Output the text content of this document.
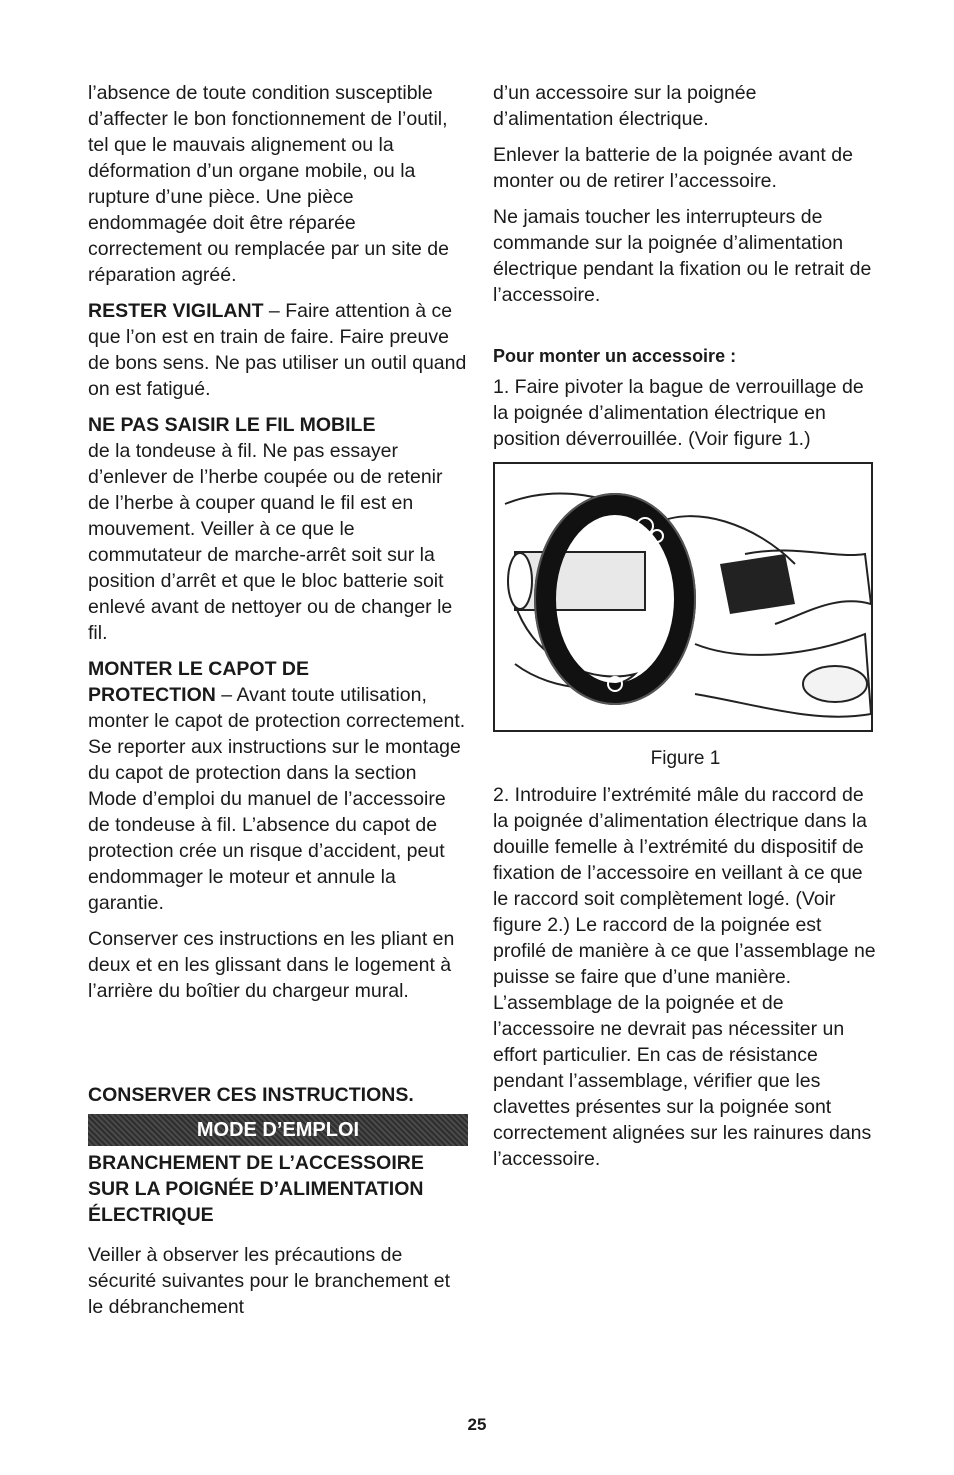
l’absence de toute condition susceptible d’affecter le bon fonctionnement de l’outil, tel que le mauvais alignement ou la déformation d’un organe mobile, ou la rupture d’une pièce. Une pièce endommagée doit être réparée correctement ou remplacée par un site de réparation agréé.

RESTER VIGILANT – Faire attention à ce que l’on est en train de faire. Faire preuve de bons sens. Ne pas utiliser un outil quand on est fatigué.

NE PAS SAISIR LE FIL MOBILE

de la tondeuse à fil. Ne pas essayer d’enlever de l’herbe coupée ou de retenir de l’herbe à couper quand le fil est en mouvement. Veiller à ce que le commutateur de marche-arrêt soit sur la position d’arrêt et que le bloc batterie soit enlevé avant de nettoyer ou de changer le fil.

MONTER LE CAPOT DE

PROTECTION – Avant toute utilisation, monter le capot de protection correctement. Se reporter aux instructions sur le montage du capot de protection dans la section Mode d’emploi du manuel de l’accessoire de tondeuse à fil. L’absence du capot de protection crée un risque d’accident, peut endommager le moteur et annule la garantie.

Conserver ces instructions en les pliant en deux et en les glissant dans le logement à l’arrière du boîtier du chargeur mural.

CONSERVER CES INSTRUCTIONS.
MODE D’EMPLOI
BRANCHEMENT DE L’ACCESSOIRE SUR LA POIGNÉE D’ALIMENTATION ÉLECTRIQUE

Veiller à observer les précautions de sécurité suivantes pour le branchement et le débranchement

d’un accessoire sur la poignée d’alimentation électrique.

Enlever la batterie de la poignée avant de monter ou de retirer l’accessoire.

Ne jamais toucher les interrupteurs de commande sur la poignée d’alimentation électrique pendant la fixation ou le retrait de l’accessoire.

Pour monter un accessoire :

1. Faire pivoter la bague de verrouillage de la poignée d’alimentation électrique en position déverrouillée. (Voir figure 1.)

Figure 1

2. Introduire l’extrémité mâle du raccord de la poignée d’alimentation électrique dans la douille femelle à l’extrémité du dispositif de fixation de l’accessoire en veillant à ce que le raccord soit complètement logé. (Voir figure 2.) Le raccord de la poignée est profilé de manière à ce que l’assemblage ne puisse se faire que d’une manière. L’assemblage de la poignée et de l’accessoire ne devrait pas nécessiter un effort particulier. En cas de résistance pendant l’assemblage, vérifier que les clavettes présentes sur la poignée sont correctement alignées sur les rainures dans l’accessoire.

25
